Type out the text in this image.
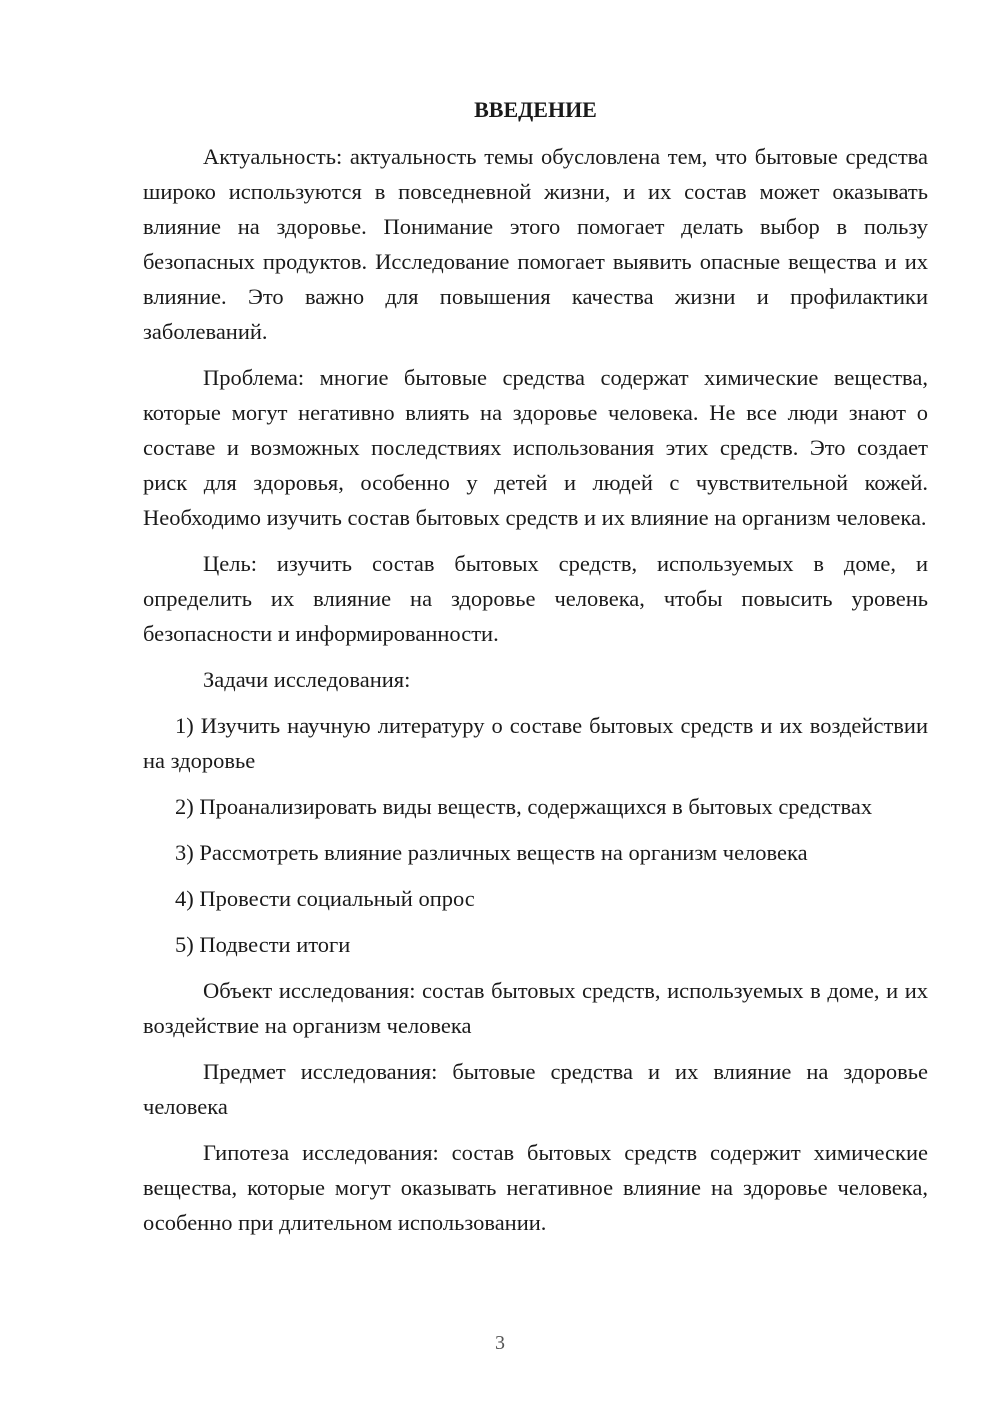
ВВЕДЕНИЕ

Актуальность: актуальность темы обусловлена тем, что бытовые средства широко используются в повседневной жизни, и их состав может оказывать влияние на здоровье. Понимание этого помогает делать выбор в пользу безопасных продуктов. Исследование помогает выявить опасные вещества и их влияние. Это важно для повышения качества жизни и профилактики заболеваний.

Проблема: многие бытовые средства содержат химические вещества, которые могут негативно влиять на здоровье человека. Не все люди знают о составе и возможных последствиях использования этих средств. Это создает риск для здоровья, особенно у детей и людей с чувствительной кожей. Необходимо изучить состав бытовых средств и их влияние на организм человека.

Цель: изучить состав бытовых средств, используемых в доме, и определить их влияние на здоровье человека, чтобы повысить уровень безопасности и информированности.

Задачи исследования:

1) Изучить научную литературу о составе бытовых средств и их воздействии на здоровье

2) Проанализировать виды веществ, содержащихся в бытовых средствах

3) Рассмотреть влияние различных веществ на организм человека

4) Провести социальный опрос

5) Подвести итоги

Объект исследования: состав бытовых средств, используемых в доме, и их воздействие на организм человека

Предмет исследования: бытовые средства и их влияние на здоровье человека

Гипотеза исследования: состав бытовых средств содержит химические вещества, которые могут оказывать негативное влияние на здоровье человека, особенно при длительном использовании.

3
